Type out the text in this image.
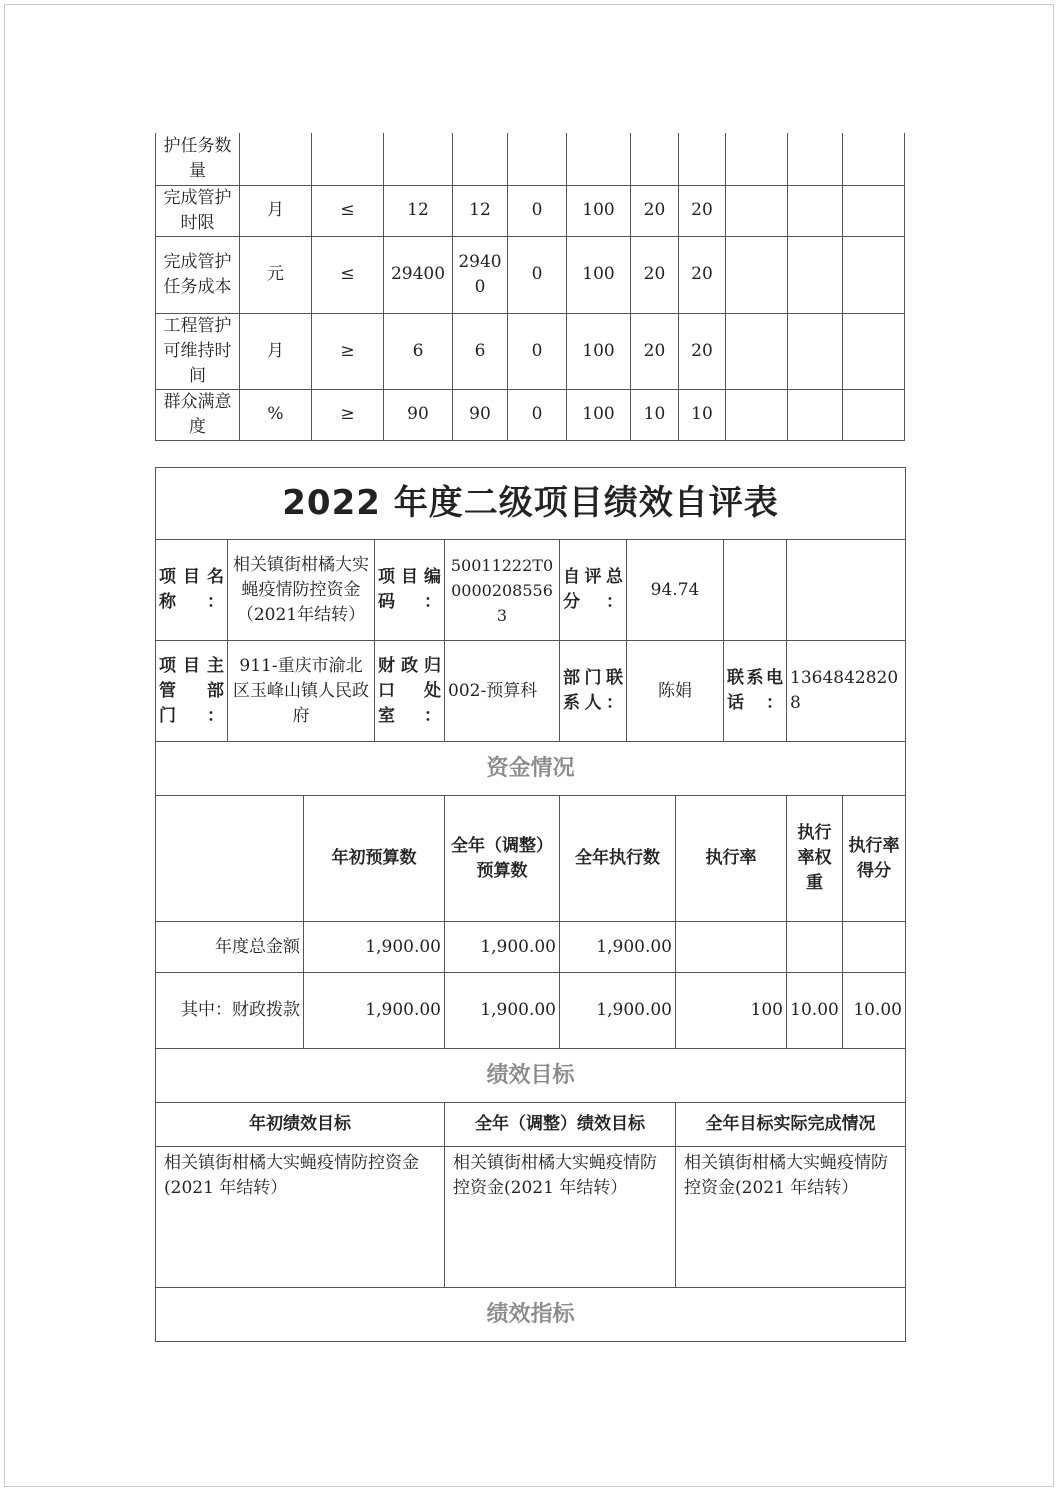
护任务数量											
完成管护时限	月	≤	12	12	0	100	20	20			
完成管护任务成本	元	≤	29400	29400	0	100	20	20			
工程管护可维持时间	月	≥	6	6	0	100	20	20			
群众满意度	%	≥	90	90	0	100	10	10			
2022 年度二级项目绩效自评表										
项目名称：	相关镇街柑橘大实蝇疫情防控资金（2021年结转）		项目编码：	50011222T000002085563	自评总分：	94.74				
项目主管部门：	911-重庆市渝北区玉峰山镇人民政府		财政归口处室：	002-预算科	部门联系人：	陈娟		联系电话：	13648428208	
资金情况										
		年初预算数		全年（调整）预算数	全年执行数		执行率		执行率权重	执行率得分
年度总金额		1,900.00		1,900.00	1,900.00					
其中：财政拨款		1,900.00		1,900.00	1,900.00		100		10.00	10.00
绩效目标										
年初绩效目标				全年（调整）绩效目标			全年目标实际完成情况			
相关镇街柑橘大实蝇疫情防控资金(2021 年结转）				相关镇街柑橘大实蝇疫情防控资金(2021 年结转）			相关镇街柑橘大实蝇疫情防控资金(2021 年结转）			
绩效指标										
